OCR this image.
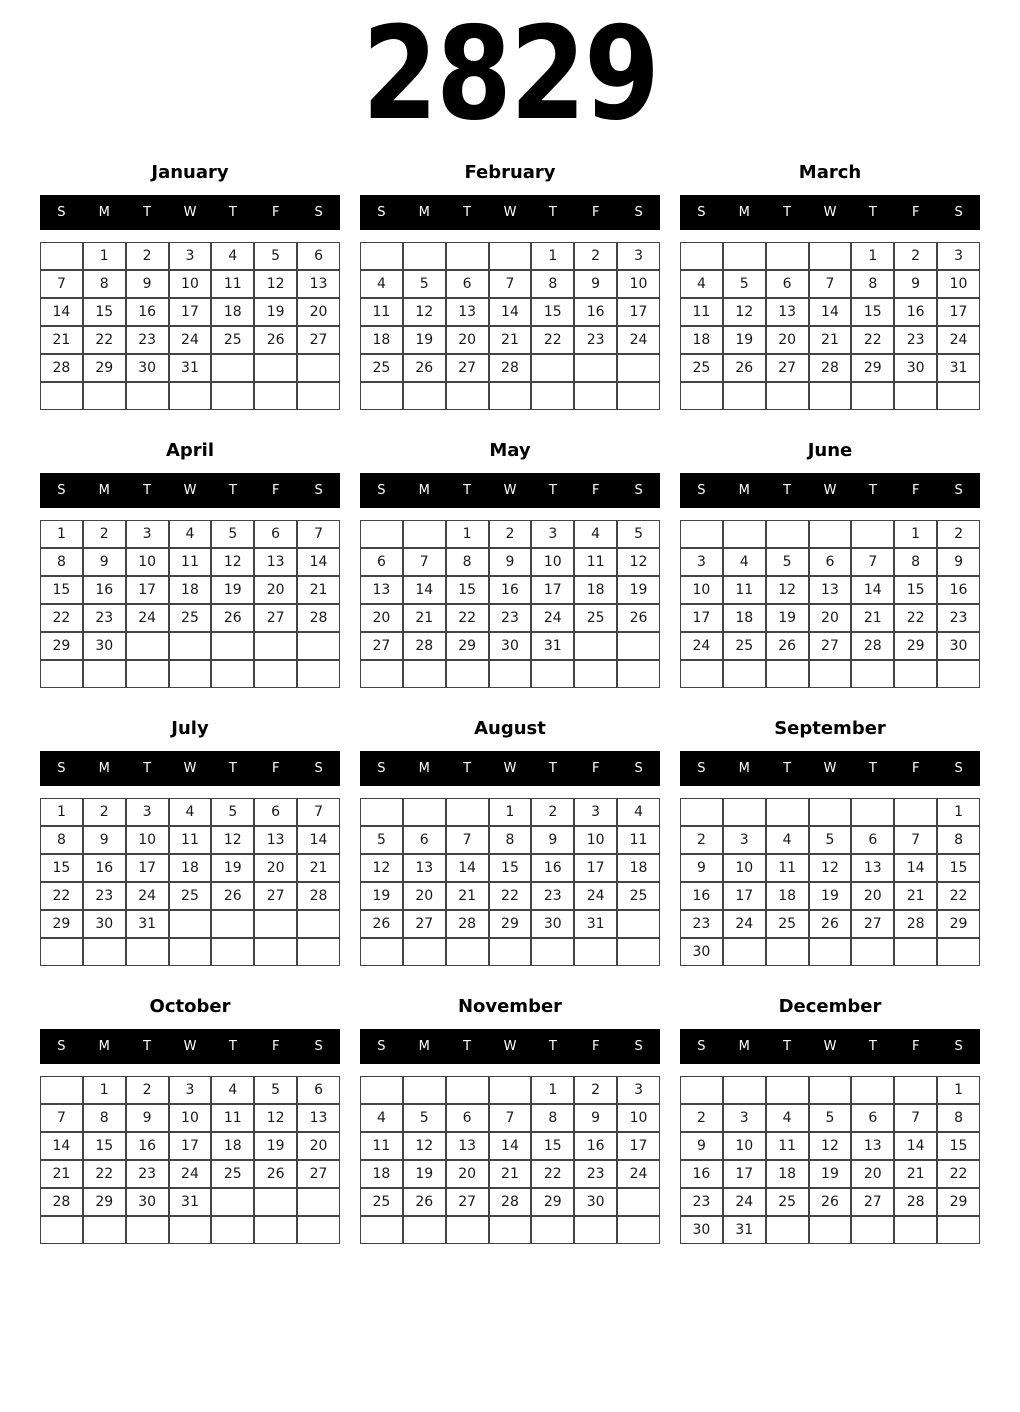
2829
January
S	M	T	W	T	F	S
	1	2	3	4	5	6
7	8	9	10	11	12	13
14	15	16	17	18	19	20
21	22	23	24	25	26	27
28	29	30	31			

February
S	M	T	W	T	F	S
				1	2	3
4	5	6	7	8	9	10
11	12	13	14	15	16	17
18	19	20	21	22	23	24
25	26	27	28			

March
S	M	T	W	T	F	S
				1	2	3
4	5	6	7	8	9	10
11	12	13	14	15	16	17
18	19	20	21	22	23	24
25	26	27	28	29	30	31

April
S	M	T	W	T	F	S
1	2	3	4	5	6	7
8	9	10	11	12	13	14
15	16	17	18	19	20	21
22	23	24	25	26	27	28
29	30					

May
S	M	T	W	T	F	S
		1	2	3	4	5
6	7	8	9	10	11	12
13	14	15	16	17	18	19
20	21	22	23	24	25	26
27	28	29	30	31		

June
S	M	T	W	T	F	S
					1	2
3	4	5	6	7	8	9
10	11	12	13	14	15	16
17	18	19	20	21	22	23
24	25	26	27	28	29	30

July
S	M	T	W	T	F	S
1	2	3	4	5	6	7
8	9	10	11	12	13	14
15	16	17	18	19	20	21
22	23	24	25	26	27	28
29	30	31				

August
S	M	T	W	T	F	S
			1	2	3	4
5	6	7	8	9	10	11
12	13	14	15	16	17	18
19	20	21	22	23	24	25
26	27	28	29	30	31	

September
S	M	T	W	T	F	S
						1
2	3	4	5	6	7	8
9	10	11	12	13	14	15
16	17	18	19	20	21	22
23	24	25	26	27	28	29
30						
October
S	M	T	W	T	F	S
	1	2	3	4	5	6
7	8	9	10	11	12	13
14	15	16	17	18	19	20
21	22	23	24	25	26	27
28	29	30	31			

November
S	M	T	W	T	F	S
				1	2	3
4	5	6	7	8	9	10
11	12	13	14	15	16	17
18	19	20	21	22	23	24
25	26	27	28	29	30	

December
S	M	T	W	T	F	S
						1
2	3	4	5	6	7	8
9	10	11	12	13	14	15
16	17	18	19	20	21	22
23	24	25	26	27	28	29
30	31					
